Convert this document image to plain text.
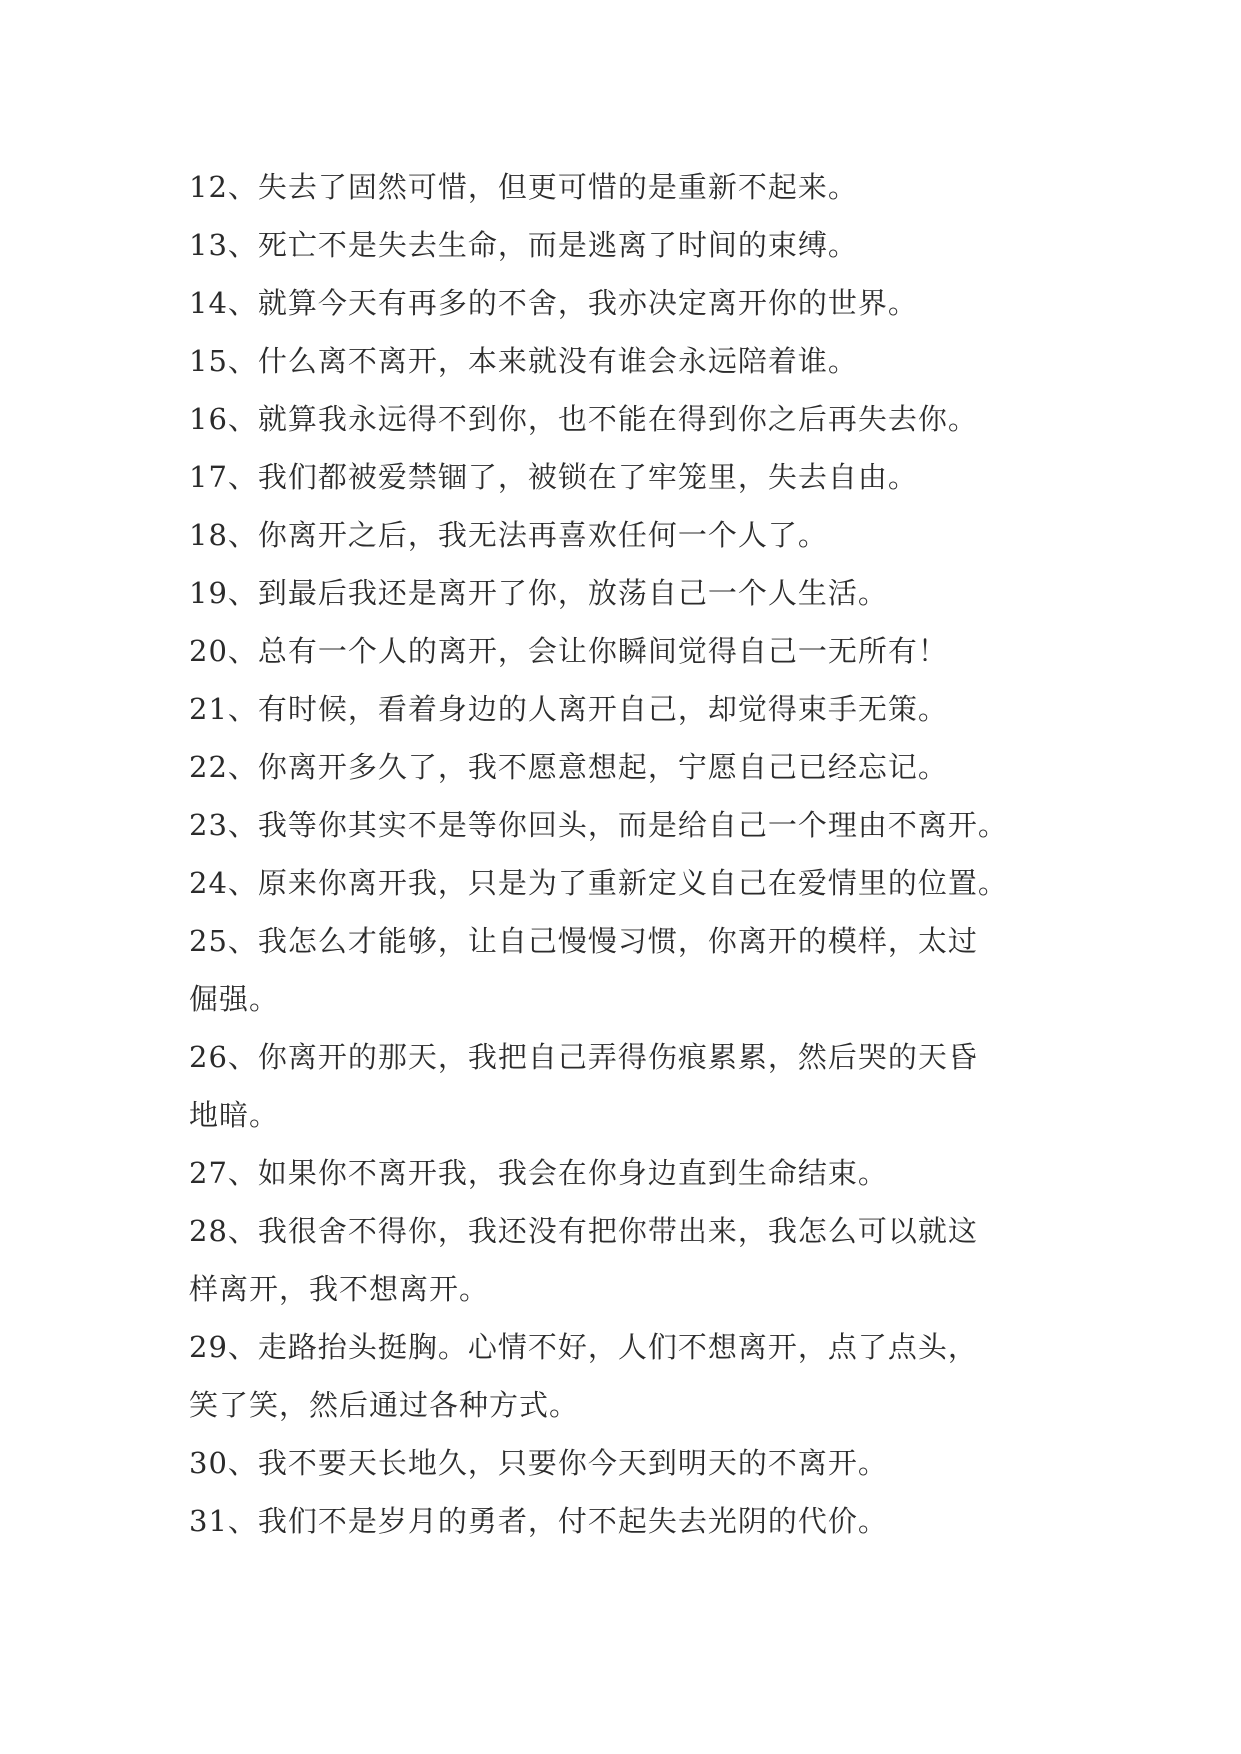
12、失去了固然可惜，但更可惜的是重新不起来。

13、死亡不是失去生命，而是逃离了时间的束缚。

14、就算今天有再多的不舍，我亦决定离开你的世界。

15、什么离不离开，本来就没有谁会永远陪着谁。

16、就算我永远得不到你，也不能在得到你之后再失去你。

17、我们都被爱禁锢了，被锁在了牢笼里，失去自由。

18、你离开之后，我无法再喜欢任何一个人了。

19、到最后我还是离开了你，放荡自己一个人生活。

20、总有一个人的离开，会让你瞬间觉得自己一无所有！

21、有时候，看着身边的人离开自己，却觉得束手无策。

22、你离开多久了，我不愿意想起，宁愿自己已经忘记。

23、我等你其实不是等你回头，而是给自己一个理由不离开。

24、原来你离开我，只是为了重新定义自己在爱情里的位置。

25、我怎么才能够，让自己慢慢习惯，你离开的模样，太过

倔强。

26、你离开的那天，我把自己弄得伤痕累累，然后哭的天昏

地暗。

27、如果你不离开我，我会在你身边直到生命结束。

28、我很舍不得你，我还没有把你带出来，我怎么可以就这

样离开，我不想离开。

29、走路抬头挺胸。心情不好，人们不想离开，点了点头，

笑了笑，然后通过各种方式。

30、我不要天长地久，只要你今天到明天的不离开。

31、我们不是岁月的勇者，付不起失去光阴的代价。
